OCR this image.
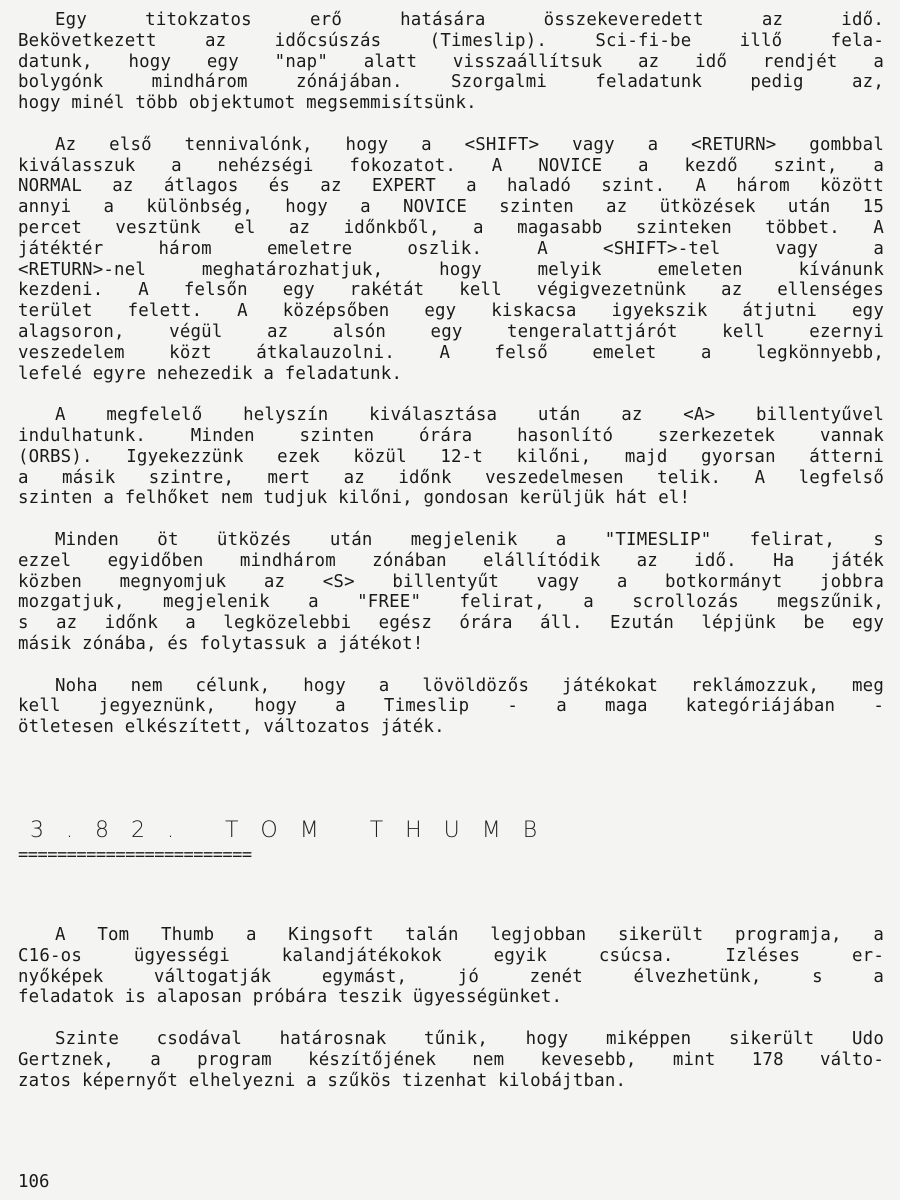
Egy titokzatos erő hatására összekeveredett az idő.
Bekövetkezett az időcsúszás (Timeslip). Sci-fi-be illő fela-
datunk, hogy egy "nap" alatt visszaállítsuk az idő rendjét a
bolygónk mindhárom zónájában. Szorgalmi feladatunk pedig az,
hogy minél több objektumot megsemmisítsünk.
Az első tennivalónk, hogy a <SHIFT> vagy a <RETURN> gombbal
kiválasszuk a nehézségi fokozatot. A NOVICE a kezdő szint, a
NORMAL az átlagos és az EXPERT a haladó szint. A három között
annyi a különbség, hogy a NOVICE szinten az ütközések után 15
percet vesztünk el az időnkből, a magasabb szinteken többet. A
játéktér három emeletre oszlik. A <SHIFT>-tel vagy a
<RETURN>-nel meghatározhatjuk, hogy melyik emeleten kívánunk
kezdeni. A felsőn egy rakétát kell végigvezetnünk az ellenséges
terület felett. A középsőben egy kiskacsa igyekszik átjutni egy
alagsoron, végül az alsón egy tengeralattjárót kell ezernyi
veszedelem közt átkalauzolni. A felső emelet a legkönnyebb,
lefelé egyre nehezedik a feladatunk.
A megfelelő helyszín kiválasztása után az <A> billentyűvel
indulhatunk. Minden szinten órára hasonlító szerkezetek vannak
(ORBS). Igyekezzünk ezek közül 12-t kilőni, majd gyorsan átterni
a másik szintre, mert az időnk veszedelmesen telik. A legfelső
szinten a felhőket nem tudjuk kilőni, gondosan kerüljük hát el!
Minden öt ütközés után megjelenik a "TIMESLIP" felirat, s
ezzel egyidőben mindhárom zónában elállítódik az idő. Ha játék
közben megnyomjuk az <S> billentyűt vagy a botkormányt jobbra
mozgatjuk, megjelenik a "FREE" felirat, a scrollozás megszűnik,
s az időnk a legközelebbi egész órára áll. Ezután lépjünk be egy
másik zónába, és folytassuk a játékot!
Noha nem célunk, hogy a lövöldözős játékokat reklámozzuk, meg
kell jegyeznünk, hogy a Timeslip - a maga kategóriájában -
ötletesen elkészített, változatos játék.
3.82. TOM THUMB
========================
A Tom Thumb a Kingsoft talán legjobban sikerült programja, a
C16-os ügyességi kalandjátékokok egyik csúcsa. Izléses er-
nyőképek váltogatják egymást, jó zenét élvezhetünk, s a
feladatok is alaposan próbára teszik ügyességünket.
Szinte csodával határosnak tűnik, hogy miképpen sikerült Udo
Gertznek, a program készítőjének nem kevesebb, mint 178 válto-
zatos képernyőt elhelyezni a szűkös tizenhat kilobájtban.
106
